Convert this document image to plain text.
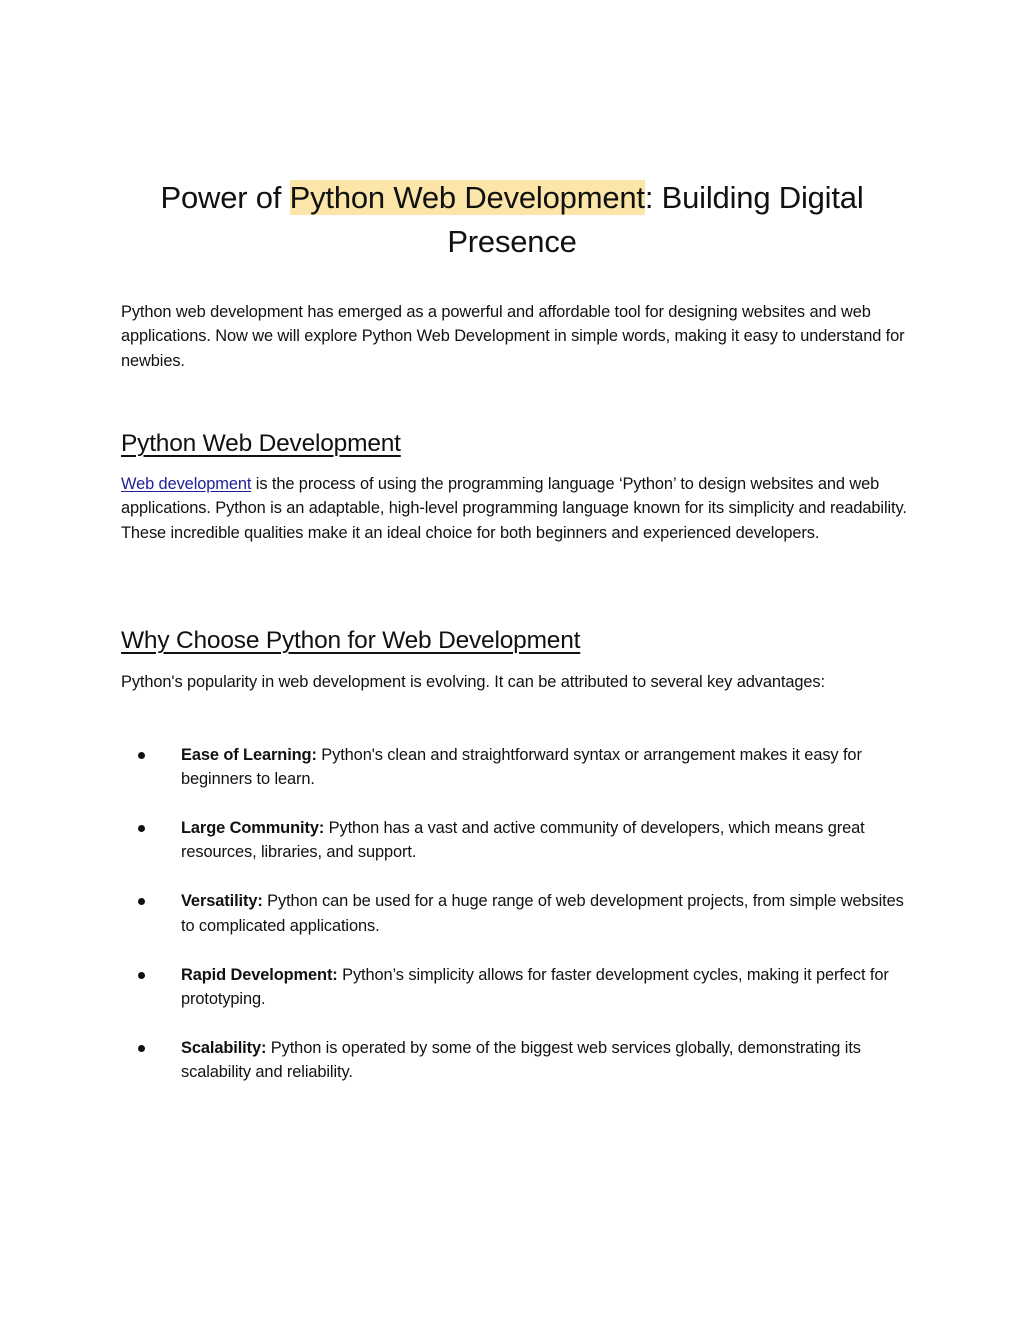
Power of Python Web Development: Building Digital Presence

Python web development has emerged as a powerful and affordable tool for designing websites and web applications. Now we will explore Python Web Development in simple words, making it easy to understand for newbies.

Python Web Development

Web development is the process of using the programming language ‘Python’ to design websites and web applications. Python is an adaptable, high-level programming language known for its simplicity and readability. These incredible qualities make it an ideal choice for both beginners and experienced developers.

Why Choose Python for Web Development

Python's popularity in web development is evolving. It can be attributed to several key advantages:

Ease of Learning: Python's clean and straightforward syntax or arrangement makes it easy for beginners to learn.
Large Community: Python has a vast and active community of developers, which means great resources, libraries, and support.
Versatility: Python can be used for a huge range of web development projects, from simple websites to complicated applications.
Rapid Development: Python’s simplicity allows for faster development cycles, making it perfect for prototyping.
Scalability: Python is operated by some of the biggest web services globally, demonstrating its scalability and reliability.
